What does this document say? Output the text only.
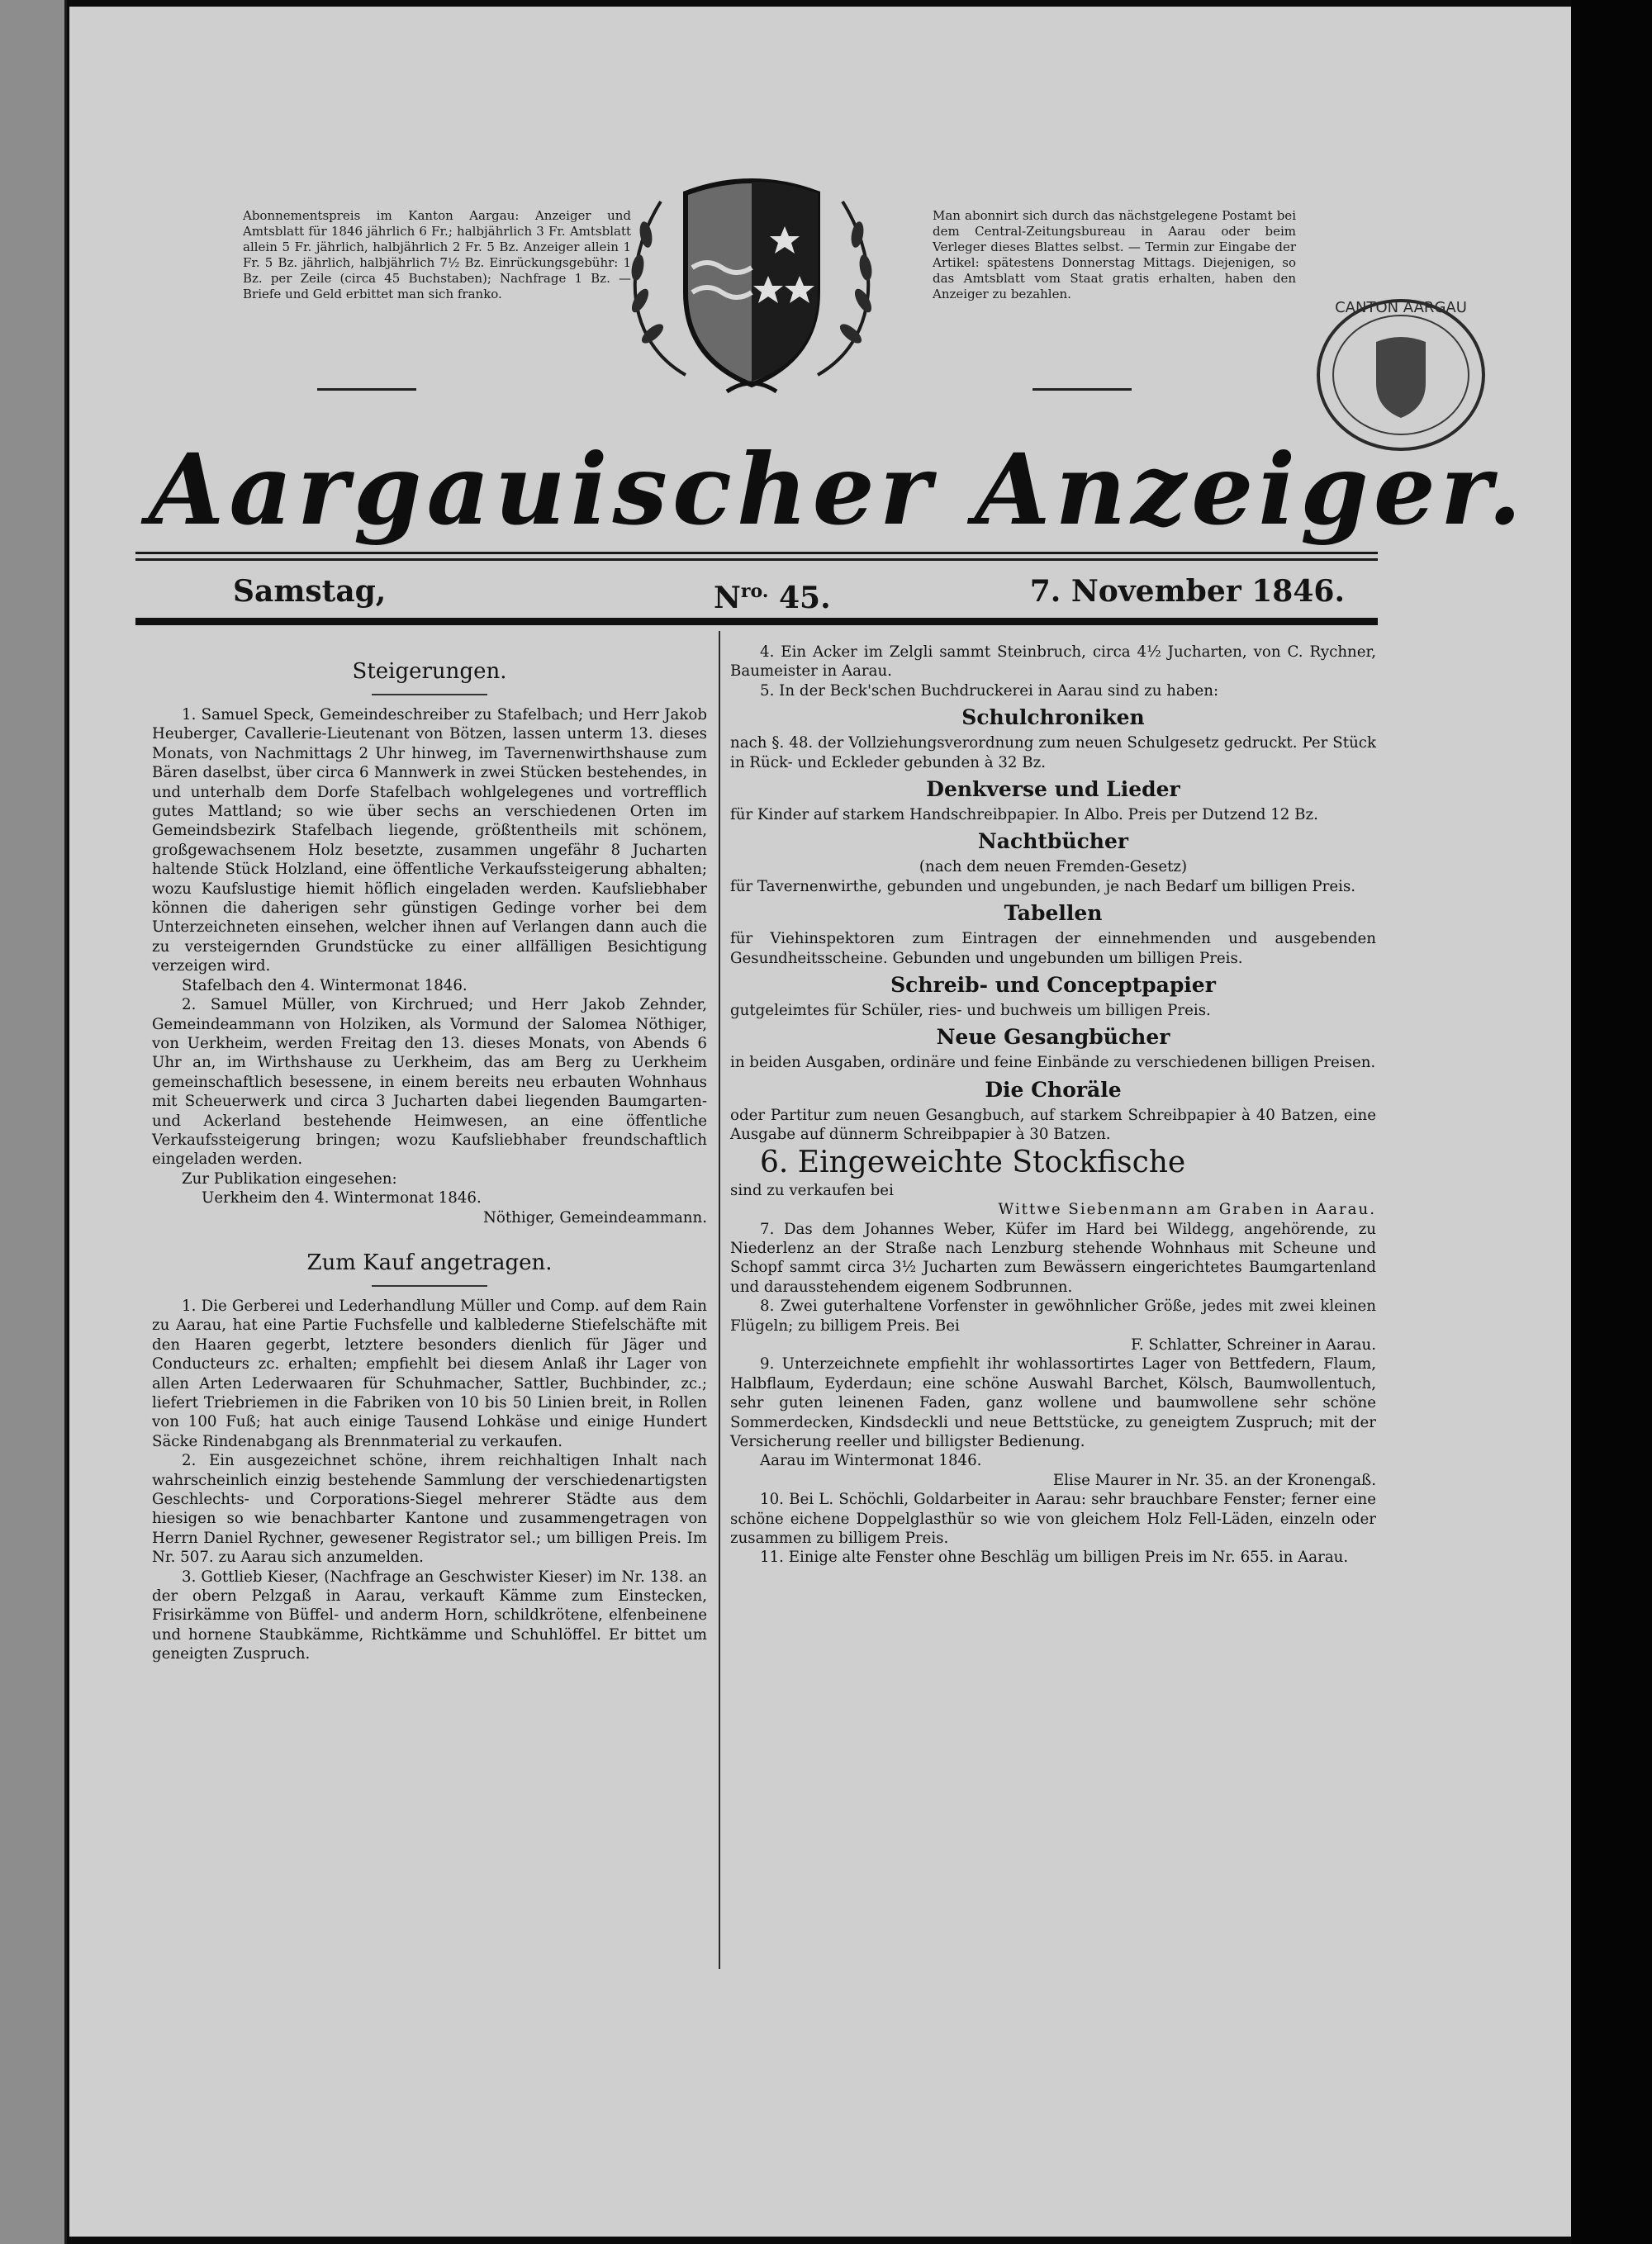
Abonnementspreis im Kanton Aargau: Anzeiger und Amtsblatt für 1846 jährlich 6 Fr.; halbjährlich 3 Fr. Amtsblatt allein 5 Fr. jährlich, halbjährlich 2 Fr. 5 Bz. Anzeiger allein 1 Fr. 5 Bz. jährlich, halbjährlich 7½ Bz. Einrückungsgebühr: 1 Bz. per Zeile (circa 45 Buchstaben); Nachfrage 1 Bz. — Briefe und Geld erbittet man sich franko.
Man abonnirt sich durch das nächstgelegene Postamt bei dem Central-Zeitungsbureau in Aarau oder beim Verleger dieses Blattes selbst. — Termin zur Eingabe der Artikel: spätestens Donnerstag Mittags. Diejenigen, so das Amtsblatt vom Staat gratis erhalten, haben den Anzeiger zu bezahlen.
CANTON AARGAU
Aargauischer Anzeiger.
Samstag,	$N^{ro.}$ 45.	7. November 1846.
Steigerungen.

1. Samuel Speck, Gemeindeschreiber zu Stafelbach; und Herr Jakob Heuberger, Cavallerie-Lieutenant von Bötzen, lassen unterm 13. dieses Monats, von Nachmittags 2 Uhr hinweg, im Tavernenwirthshause zum Bären daselbst, über circa 6 Mannwerk in zwei Stücken bestehendes, in und unterhalb dem Dorfe Stafelbach wohlgelegenes und vortrefflich gutes Mattland; so wie über sechs an verschiedenen Orten im Gemeindsbezirk Stafelbach liegende, größtentheils mit schönem, großgewachsenem Holz besetzte, zusammen ungefähr 8 Jucharten haltende Stück Holzland, eine öffentliche Verkaufssteigerung abhalten; wozu Kaufslustige hiemit höflich eingeladen werden. Kaufsliebhaber können die daherigen sehr günstigen Gedinge vorher bei dem Unterzeichneten einsehen, welcher ihnen auf Verlangen dann auch die zu versteigernden Grundstücke zu einer allfälligen Besichtigung verzeigen wird.

Stafelbach den 4. Wintermonat 1846.

2. Samuel Müller, von Kirchrued; und Herr Jakob Zehnder, Gemeindeammann von Holziken, als Vormund der Salomea Nöthiger, von Uerkheim, werden Freitag den 13. dieses Monats, von Abends 6 Uhr an, im Wirthshause zu Uerkheim, das am Berg zu Uerkheim gemeinschaftlich besessene, in einem bereits neu erbauten Wohnhaus mit Scheuerwerk und circa 3 Jucharten dabei liegenden Baumgarten- und Ackerland bestehende Heimwesen, an eine öffentliche Verkaufssteigerung bringen; wozu Kaufsliebhaber freundschaftlich eingeladen werden.

Zur Publikation eingesehen:

Uerkheim den 4. Wintermonat 1846.

Nöthiger, Gemeindeammann.

Zum Kauf angetragen.

1. Die Gerberei und Lederhandlung Müller und Comp. auf dem Rain zu Aarau, hat eine Partie Fuchsfelle und kalblederne Stiefelschäfte mit den Haaren gegerbt, letztere besonders dienlich für Jäger und Conducteurs zc. erhalten; empfiehlt bei diesem Anlaß ihr Lager von allen Arten Lederwaaren für Schuhmacher, Sattler, Buchbinder, zc.; liefert Triebriemen in die Fabriken von 10 bis 50 Linien breit, in Rollen von 100 Fuß; hat auch einige Tausend Lohkäse und einige Hundert Säcke Rindenabgang als Brennmaterial zu verkaufen.

2. Ein ausgezeichnet schöne, ihrem reichhaltigen Inhalt nach wahrscheinlich einzig bestehende Sammlung der verschiedenartigsten Geschlechts- und Corporations-Siegel mehrerer Städte aus dem hiesigen so wie benachbarter Kantone und zusammengetragen von Herrn Daniel Rychner, gewesener Registrator sel.; um billigen Preis. Im Nr. 507. zu Aarau sich anzumelden.

3. Gottlieb Kieser, (Nachfrage an Geschwister Kieser) im Nr. 138. an der obern Pelzgaß in Aarau, verkauft Kämme zum Einstecken, Frisirkämme von Büffel- und anderm Horn, schildkrötene, elfenbeinene und hornene Staubkämme, Richtkämme und Schuhlöffel. Er bittet um geneigten Zuspruch.

4. Ein Acker im Zelgli sammt Steinbruch, circa 4½ Jucharten, von C. Rychner, Baumeister in Aarau.

5. In der Beck'schen Buchdruckerei in Aarau sind zu haben:

Schulchroniken

nach §. 48. der Vollziehungsverordnung zum neuen Schulgesetz gedruckt. Per Stück in Rück- und Eckleder gebunden à 32 Bz.

Denkverse und Lieder

für Kinder auf starkem Handschreibpapier. In Albo. Preis per Dutzend 12 Bz.

Nachtbücher
(nach dem neuen Fremden-Gesetz)

für Tavernenwirthe, gebunden und ungebunden, je nach Bedarf um billigen Preis.

Tabellen

für Viehinspektoren zum Eintragen der einnehmenden und ausgebenden Gesundheitsscheine. Gebunden und ungebunden um billigen Preis.

Schreib- und Conceptpapier

gutgeleimtes für Schüler, ries- und buchweis um billigen Preis.

Neue Gesangbücher

in beiden Ausgaben, ordinäre und feine Einbände zu verschiedenen billigen Preisen.

Die Choräle

oder Partitur zum neuen Gesangbuch, auf starkem Schreibpapier à 40 Batzen, eine Ausgabe auf dünnerm Schreibpapier à 30 Batzen.

6. Eingeweichte Stockfische

sind zu verkaufen bei

Wittwe Siebenmann am Graben in Aarau.

7. Das dem Johannes Weber, Küfer im Hard bei Wildegg, angehörende, zu Niederlenz an der Straße nach Lenzburg stehende Wohnhaus mit Scheune und Schopf sammt circa 3½ Jucharten zum Bewässern eingerichtetes Baumgartenland und darausstehendem eigenem Sodbrunnen.

8. Zwei guterhaltene Vorfenster in gewöhnlicher Größe, jedes mit zwei kleinen Flügeln; zu billigem Preis. Bei

F. Schlatter, Schreiner in Aarau.

9. Unterzeichnete empfiehlt ihr wohlassortirtes Lager von Bettfedern, Flaum, Halbflaum, Eyderdaun; eine schöne Auswahl Barchet, Kölsch, Baumwollentuch, sehr guten leinenen Faden, ganz wollene und baumwollene sehr schöne Sommerdecken, Kindsdeckli und neue Bettstücke, zu geneigtem Zuspruch; mit der Versicherung reeller und billigster Bedienung.

Aarau im Wintermonat 1846.

Elise Maurer in Nr. 35. an der Kronengaß.

10. Bei L. Schöchli, Goldarbeiter in Aarau: sehr brauchbare Fenster; ferner eine schöne eichene Doppelglasthür so wie von gleichem Holz Fell-Läden, einzeln oder zusammen zu billigem Preis.

11. Einige alte Fenster ohne Beschläg um billigen Preis im Nr. 655. in Aarau.
